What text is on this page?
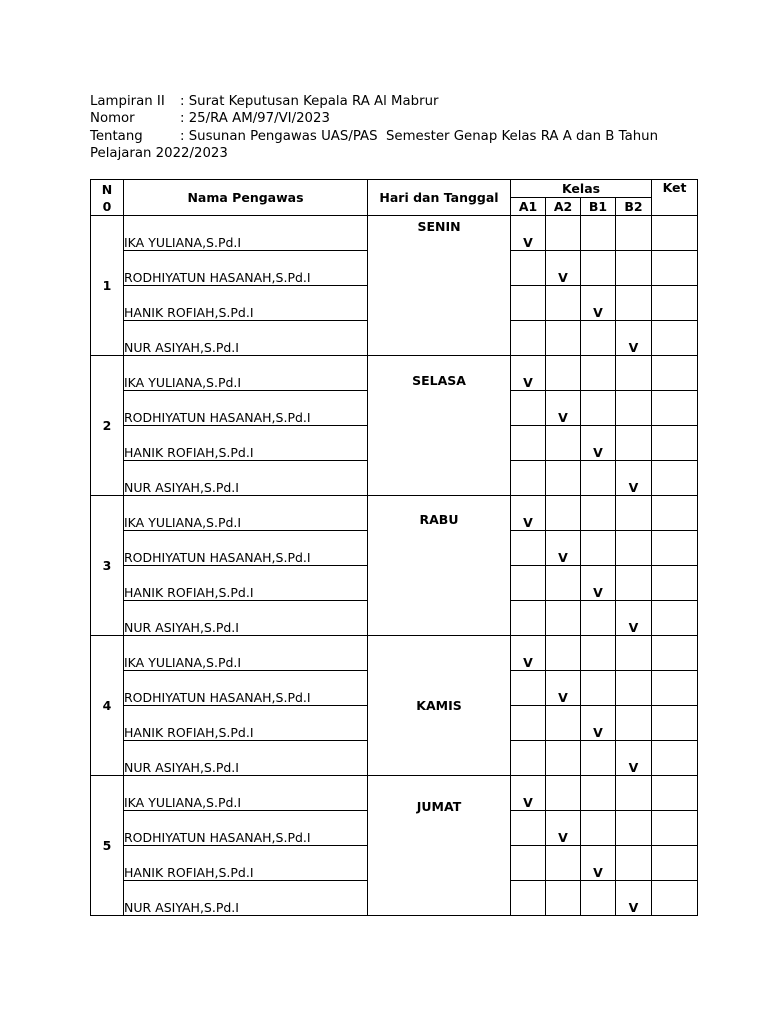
Lampiran II	: Surat Keputusan Kepala RA Al Mabrur
Nomor	: 25/RA AM/97/VI/2023
Tentang	: Susunan Pengawas UAS/PAS  Semester Genap Kelas RA A dan B Tahun
Pelajaran 2022/2023
N
0	Nama Pengawas	Hari dan Tanggal	Kelas				Ket
			A1	A2	B1	B2	
1	IKA YULIANA,S.Pd.I	SENIN	V				
	RODHIYATUN HASANAH,S.Pd.I			V			
	HANIK ROFIAH,S.Pd.I				V		
	NUR ASIYAH,S.Pd.I					V	
2	IKA YULIANA,S.Pd.I	SELASA	V				
	RODHIYATUN HASANAH,S.Pd.I			V			
	HANIK ROFIAH,S.Pd.I				V		
	NUR ASIYAH,S.Pd.I					V	
3	IKA YULIANA,S.Pd.I	RABU	V				
	RODHIYATUN HASANAH,S.Pd.I			V			
	HANIK ROFIAH,S.Pd.I				V		
	NUR ASIYAH,S.Pd.I					V	
4	IKA YULIANA,S.Pd.I	KAMIS	V				
	RODHIYATUN HASANAH,S.Pd.I			V			
	HANIK ROFIAH,S.Pd.I				V		
	NUR ASIYAH,S.Pd.I					V	
5	IKA YULIANA,S.Pd.I	JUMAT	V				
	RODHIYATUN HASANAH,S.Pd.I			V			
	HANIK ROFIAH,S.Pd.I				V		
	NUR ASIYAH,S.Pd.I					V	
